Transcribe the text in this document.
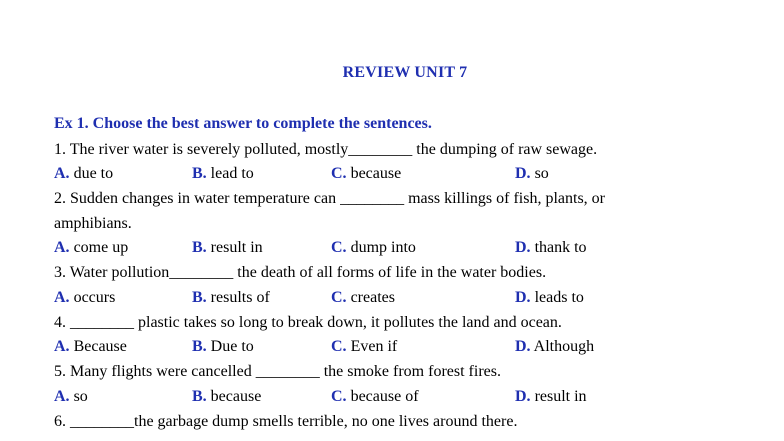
REVIEW UNIT 7
Ex 1. Choose the best answer to complete the sentences.
1. The river water is severely polluted, mostly________ the dumping of raw sewage.
A. due to	B. lead to	C. because	D. so
2. Sudden changes in water temperature can ________ mass killings of fish, plants, or
amphibians.
A. come up	B. result in	C. dump into	D. thank to
3. Water pollution________ the death of all forms of life in the water bodies.
A. occurs	B. results of	C. creates	D. leads to
4. ________ plastic takes so long to break down, it pollutes the land and ocean.
A. Because	B. Due to	C. Even if	D. Although
5. Many flights were cancelled ________ the smoke from forest fires.
A. so	B. because	C. because of	D. result in
6. ________the garbage dump smells terrible, no one lives around there.
